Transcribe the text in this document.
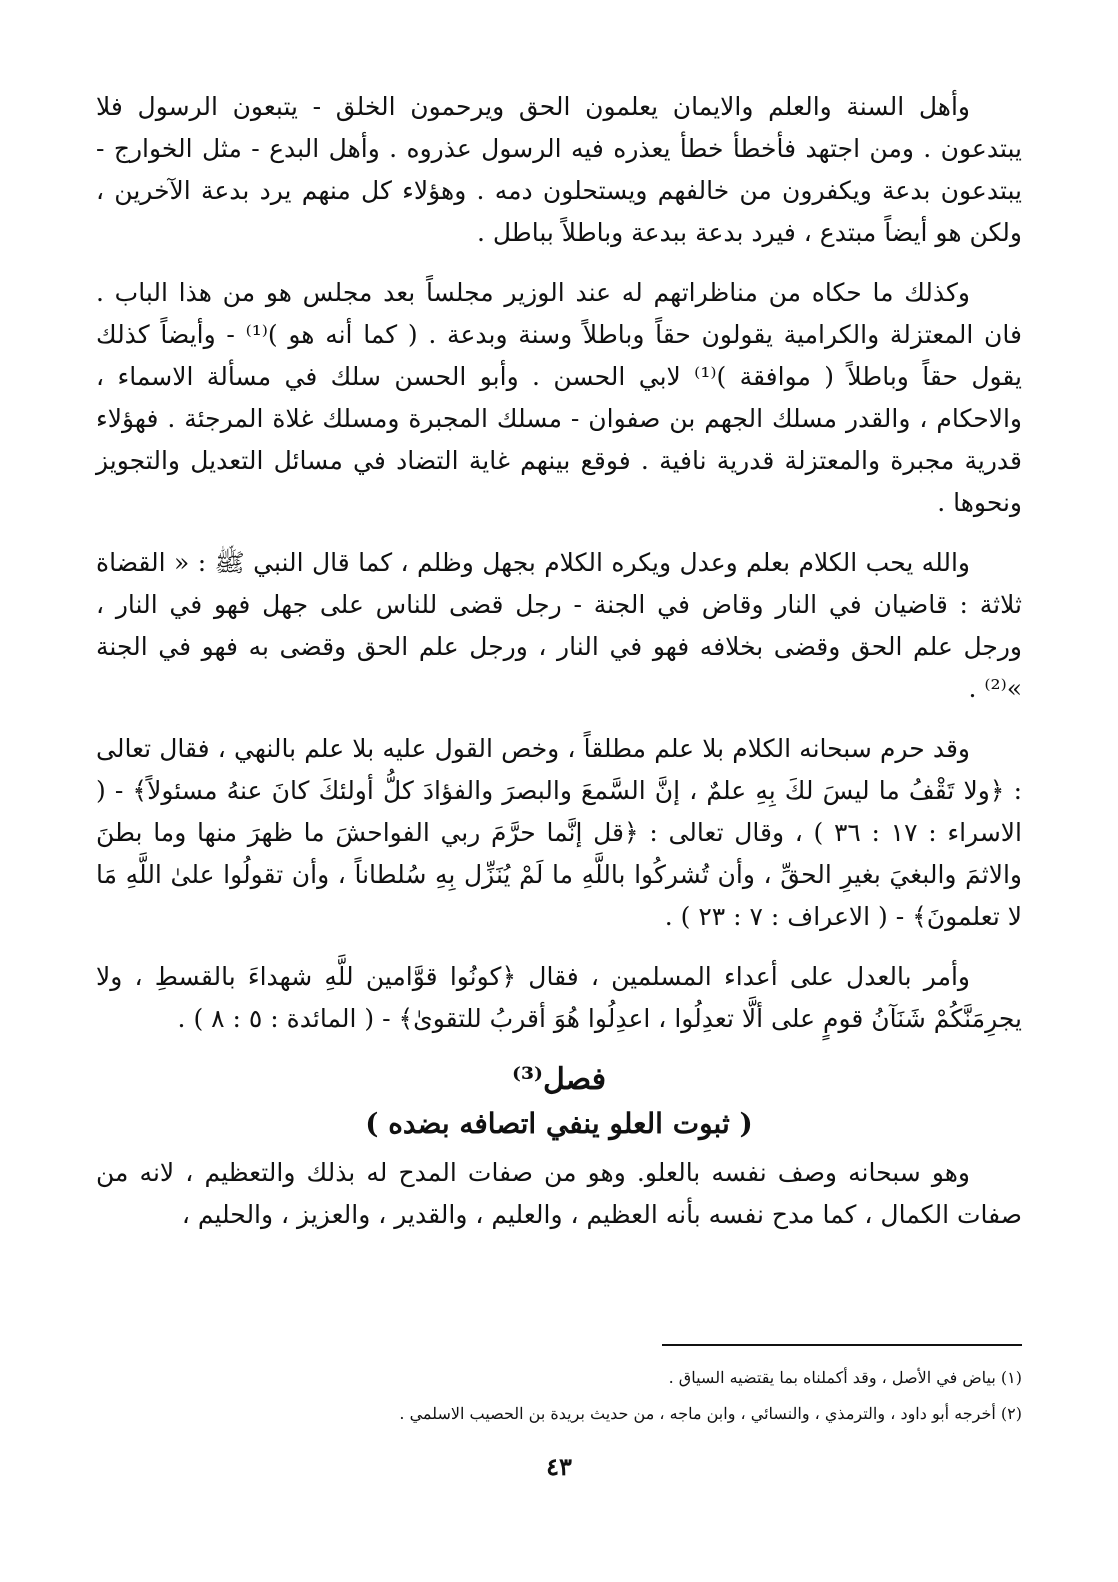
وأهل السنة والعلم والايمان يعلمون الحق ويرحمون الخلق - يتبعون الرسول فلا يبتدعون . ومن اجتهد فأخطأ خطأ يعذره فيه الرسول عذروه . وأهل البدع - مثل الخوارج - يبتدعون بدعة ويكفرون من خالفهم ويستحلون دمه . وهؤلاء كل منهم يرد بدعة الآخرين ، ولكن هو أيضاً مبتدع ، فيرد بدعة ببدعة وباطلاً بباطل .

وكذلك ما حكاه من مناظراتهم له عند الوزير مجلساً بعد مجلس هو من هذا الباب . فان المعتزلة والكرامية يقولون حقاً وباطلاً وسنة وبدعة . ( كما أنه هو )⁽¹⁾ - وأيضاً كذلك يقول حقاً وباطلاً ( موافقة )⁽¹⁾ لابي الحسن . وأبو الحسن سلك في مسألة الاسماء ، والاحكام ، والقدر مسلك الجهم بن صفوان - مسلك المجبرة ومسلك غلاة المرجئة . فهؤلاء قدرية مجبرة والمعتزلة قدرية نافية . فوقع بينهم غاية التضاد في مسائل التعديل والتجويز ونحوها .

والله يحب الكلام بعلم وعدل ويكره الكلام بجهل وظلم ، كما قال النبي ﷺ : « القضاة ثلاثة : قاضيان في النار وقاض في الجنة - رجل قضى للناس على جهل فهو في النار ، ورجل علم الحق وقضى بخلافه فهو في النار ، ورجل علم الحق وقضى به فهو في الجنة »⁽²⁾ .

وقد حرم سبحانه الكلام بلا علم مطلقاً ، وخص القول عليه بلا علم بالنهي ، فقال تعالى : ﴿ولا تَقْفُ ما ليسَ لكَ بِهِ علمٌ ، إنَّ السَّمعَ والبصرَ والفؤادَ كلُّ أولئكَ كانَ عنهُ مسئولاً﴾ - ( الاسراء : ١٧ : ٣٦ ) ، وقال تعالى : ﴿قل إنَّما حرَّمَ ربي الفواحشَ ما ظهرَ منها وما بطنَ والاثمَ والبغيَ بغيرِ الحقِّ ، وأن تُشركُوا باللَّهِ ما لَمْ يُنَزِّل بِهِ سُلطاناً ، وأن تقولُوا علىٰ اللَّهِ مَا لا تعلمونَ﴾ - ( الاعراف : ٧ : ٢٣ ) .

وأمر بالعدل على أعداء المسلمين ، فقال ﴿كونُوا قوَّامين للَّهِ شهداءَ بالقسطِ ، ولا يجرِمَنَّكُمْ شَنَآنُ قومٍ على ألَّا تعدِلُوا ، اعدِلُوا هُوَ أقربُ للتقوىٰ﴾ - ( المائدة : ٥ : ٨ ) .

فصل⁽³⁾
( ثبوت العلو ينفي اتصافه بضده )

وهو سبحانه وصف نفسه بالعلو. وهو من صفات المدح له بذلك والتعظيم ، لانه من صفات الكمال ، كما مدح نفسه بأنه العظيم ، والعليم ، والقدير ، والعزيز ، والحليم ،

(١) بياض في الأصل ، وقد أكملناه بما يقتضيه السياق .

(٢) أخرجه أبو داود ، والترمذي ، والنسائي ، وابن ماجه ، من حديث بريدة بن الحصيب الاسلمي .

٤٣
